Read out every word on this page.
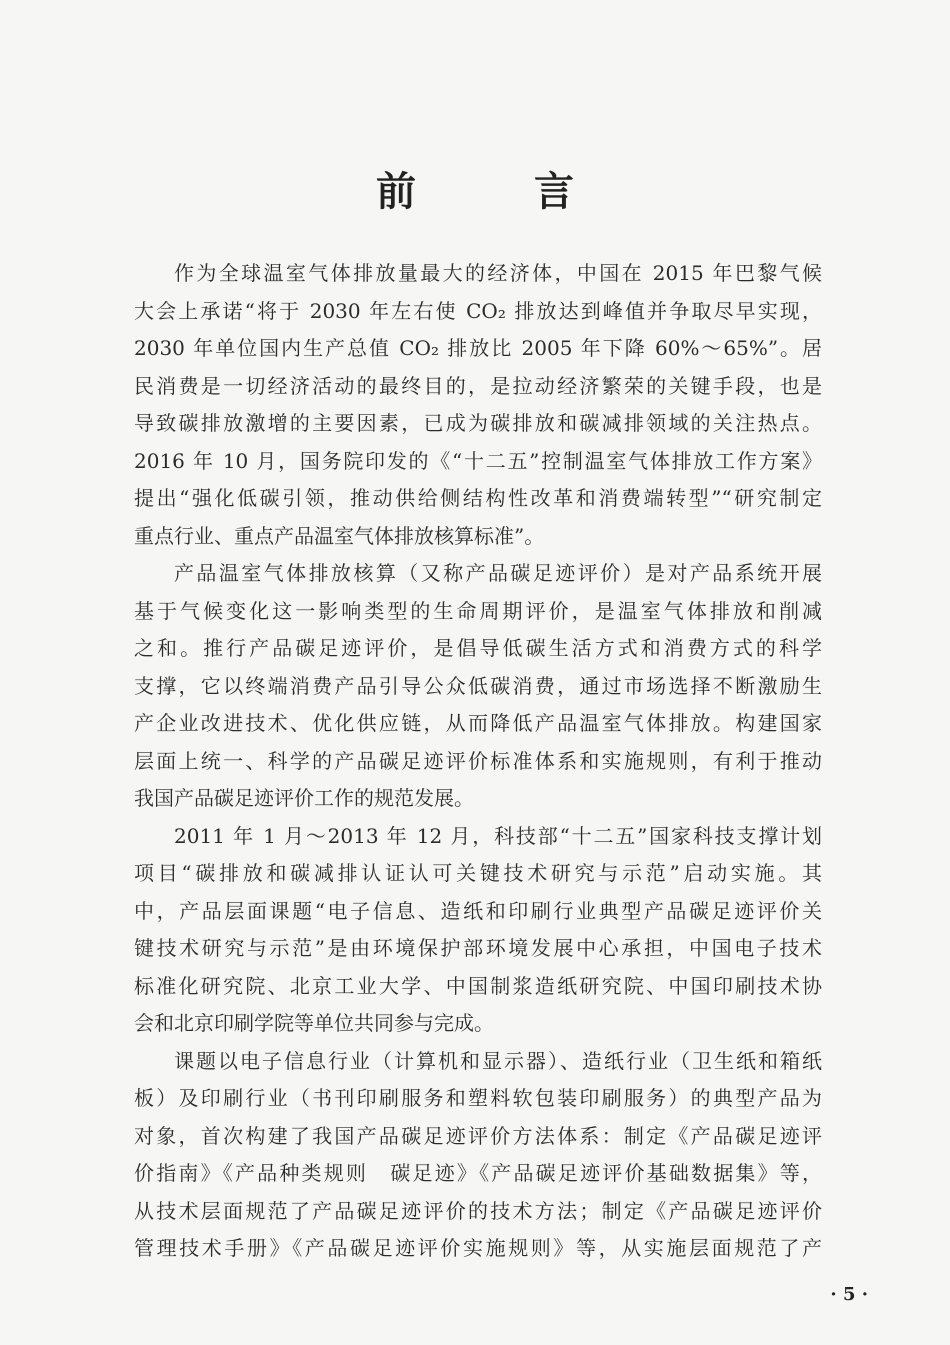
前 言

作为全球温室气体排放量最大的经济体，中国在 2015 年巴黎气候
大会上承诺“将于 2030 年左右使 CO₂ 排放达到峰值并争取尽早实现，
2030 年单位国内生产总值 CO₂ 排放比 2005 年下降 60%～65%”。居
民消费是一切经济活动的最终目的，是拉动经济繁荣的关键手段，也是
导致碳排放激增的主要因素，已成为碳排放和碳减排领域的关注热点。
2016 年 10 月，国务院印发的《“十二五”控制温室气体排放工作方案》
提出“强化低碳引领，推动供给侧结构性改革和消费端转型”“研究制定
重点行业、重点产品温室气体排放核算标准”。

产品温室气体排放核算（又称产品碳足迹评价）是对产品系统开展
基于气候变化这一影响类型的生命周期评价，是温室气体排放和削减
之和。推行产品碳足迹评价，是倡导低碳生活方式和消费方式的科学
支撑，它以终端消费产品引导公众低碳消费，通过市场选择不断激励生
产企业改进技术、优化供应链，从而降低产品温室气体排放。构建国家
层面上统一、科学的产品碳足迹评价标准体系和实施规则，有利于推动
我国产品碳足迹评价工作的规范发展。

2011 年 1 月～2013 年 12 月，科技部“十二五”国家科技支撑计划
项目“碳排放和碳减排认证认可关键技术研究与示范”启动实施。其
中，产品层面课题“电子信息、造纸和印刷行业典型产品碳足迹评价关
键技术研究与示范”是由环境保护部环境发展中心承担，中国电子技术
标准化研究院、北京工业大学、中国制浆造纸研究院、中国印刷技术协
会和北京印刷学院等单位共同参与完成。

课题以电子信息行业（计算机和显示器）、造纸行业（卫生纸和箱纸
板）及印刷行业（书刊印刷服务和塑料软包装印刷服务）的典型产品为
对象，首次构建了我国产品碳足迹评价方法体系：制定《产品碳足迹评
价指南》《产品种类规则　碳足迹》《产品碳足迹评价基础数据集》等，
从技术层面规范了产品碳足迹评价的技术方法；制定《产品碳足迹评价
管理技术手册》《产品碳足迹评价实施规则》等，从实施层面规范了产

· 5 ·
